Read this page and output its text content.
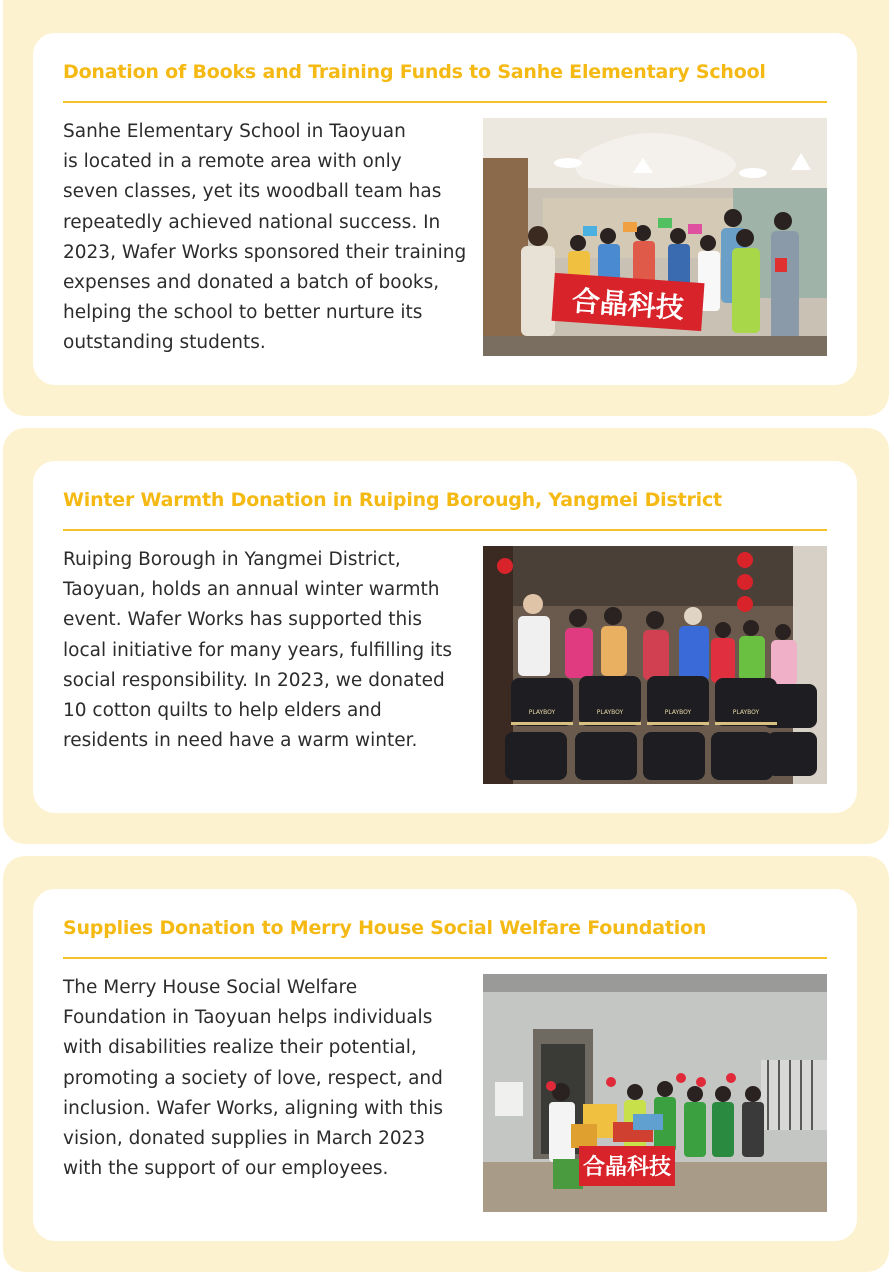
Donation of Books and Training Funds to Sanhe Elementary School
Sanhe Elementary School in Taoyuan
is located in a remote area with only
seven classes, yet its woodball team has
repeatedly achieved national success. In
2023, Wafer Works sponsored their training
expenses and donated a batch of books,
helping the school to better nurture its
outstanding students.
合晶科技
Winter Warmth Donation in Ruiping Borough, Yangmei District
Ruiping Borough in Yangmei District,
Taoyuan, holds an annual winter warmth
event. Wafer Works has supported this
local initiative for many years, fulfilling its
social responsibility. In 2023, we donated
10 cotton quilts to help elders and
residents in need have a warm winter.
PLAYBOY	PLAYBOY	PLAYBOY	PLAYBOY
Supplies Donation to Merry House Social Welfare Foundation
The Merry House Social Welfare
Foundation in Taoyuan helps individuals
with disabilities realize their potential,
promoting a society of love, respect, and
inclusion. Wafer Works, aligning with this
vision, donated supplies in March 2023
with the support of our employees.	合晶科技
